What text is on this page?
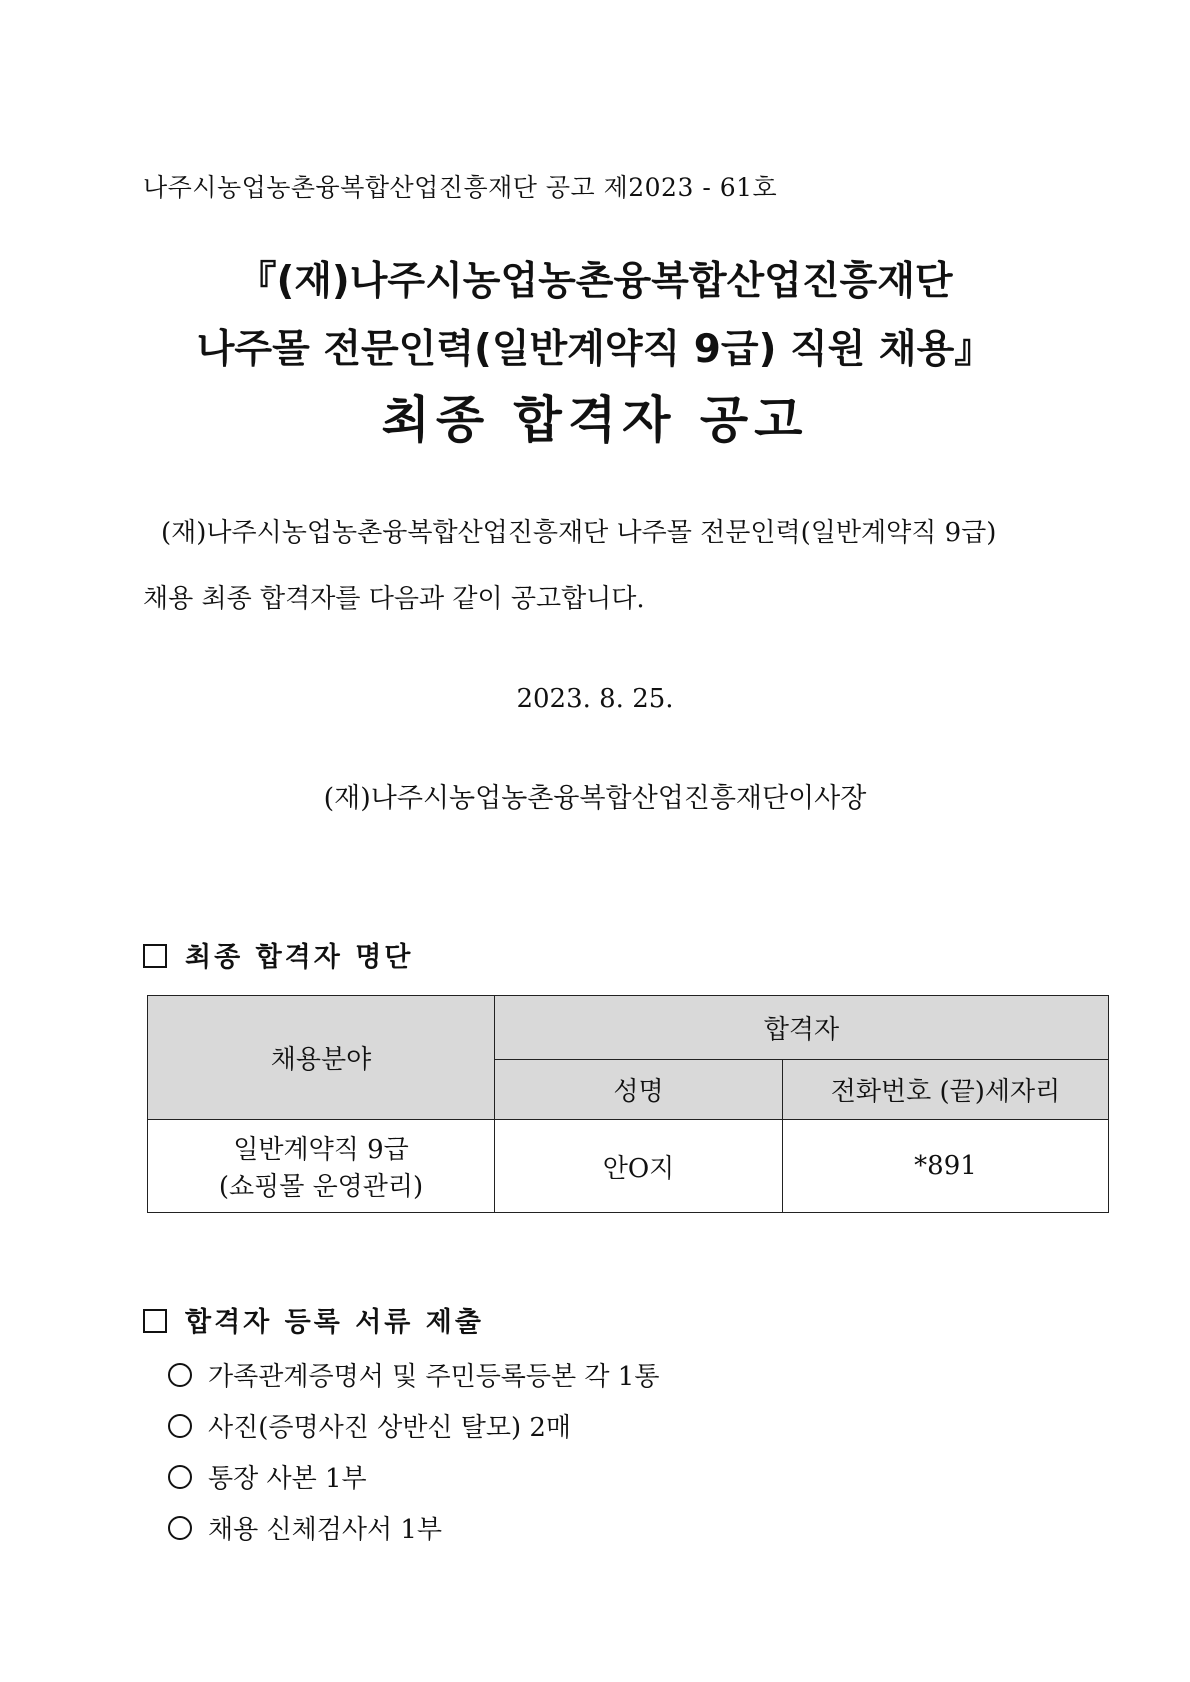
나주시농업농촌융복합산업진흥재단 공고 제2023 - 61호
『(재)나주시농업농촌융복합산업진흥재단
나주몰 전문인력(일반계약직 9급) 직원 채용』
최종 합격자 공고
(재)나주시농업농촌융복합산업진흥재단 나주몰 전문인력(일반계약직 9급)
채용 최종 합격자를 다음과 같이 공고합니다.
2023. 8. 25.
(재)나주시농업농촌융복합산업진흥재단이사장
최종 합격자 명단
채용분야	합격자	
	성명	전화번호 (끝)세자리

일반계약직 9급
(쇼핑몰 운영관리)	안O지	*891
합격자 등록 서류 제출
가족관계증명서 및 주민등록등본 각 1통
사진(증명사진 상반신 탈모) 2매
통장 사본 1부
채용 신체검사서 1부
